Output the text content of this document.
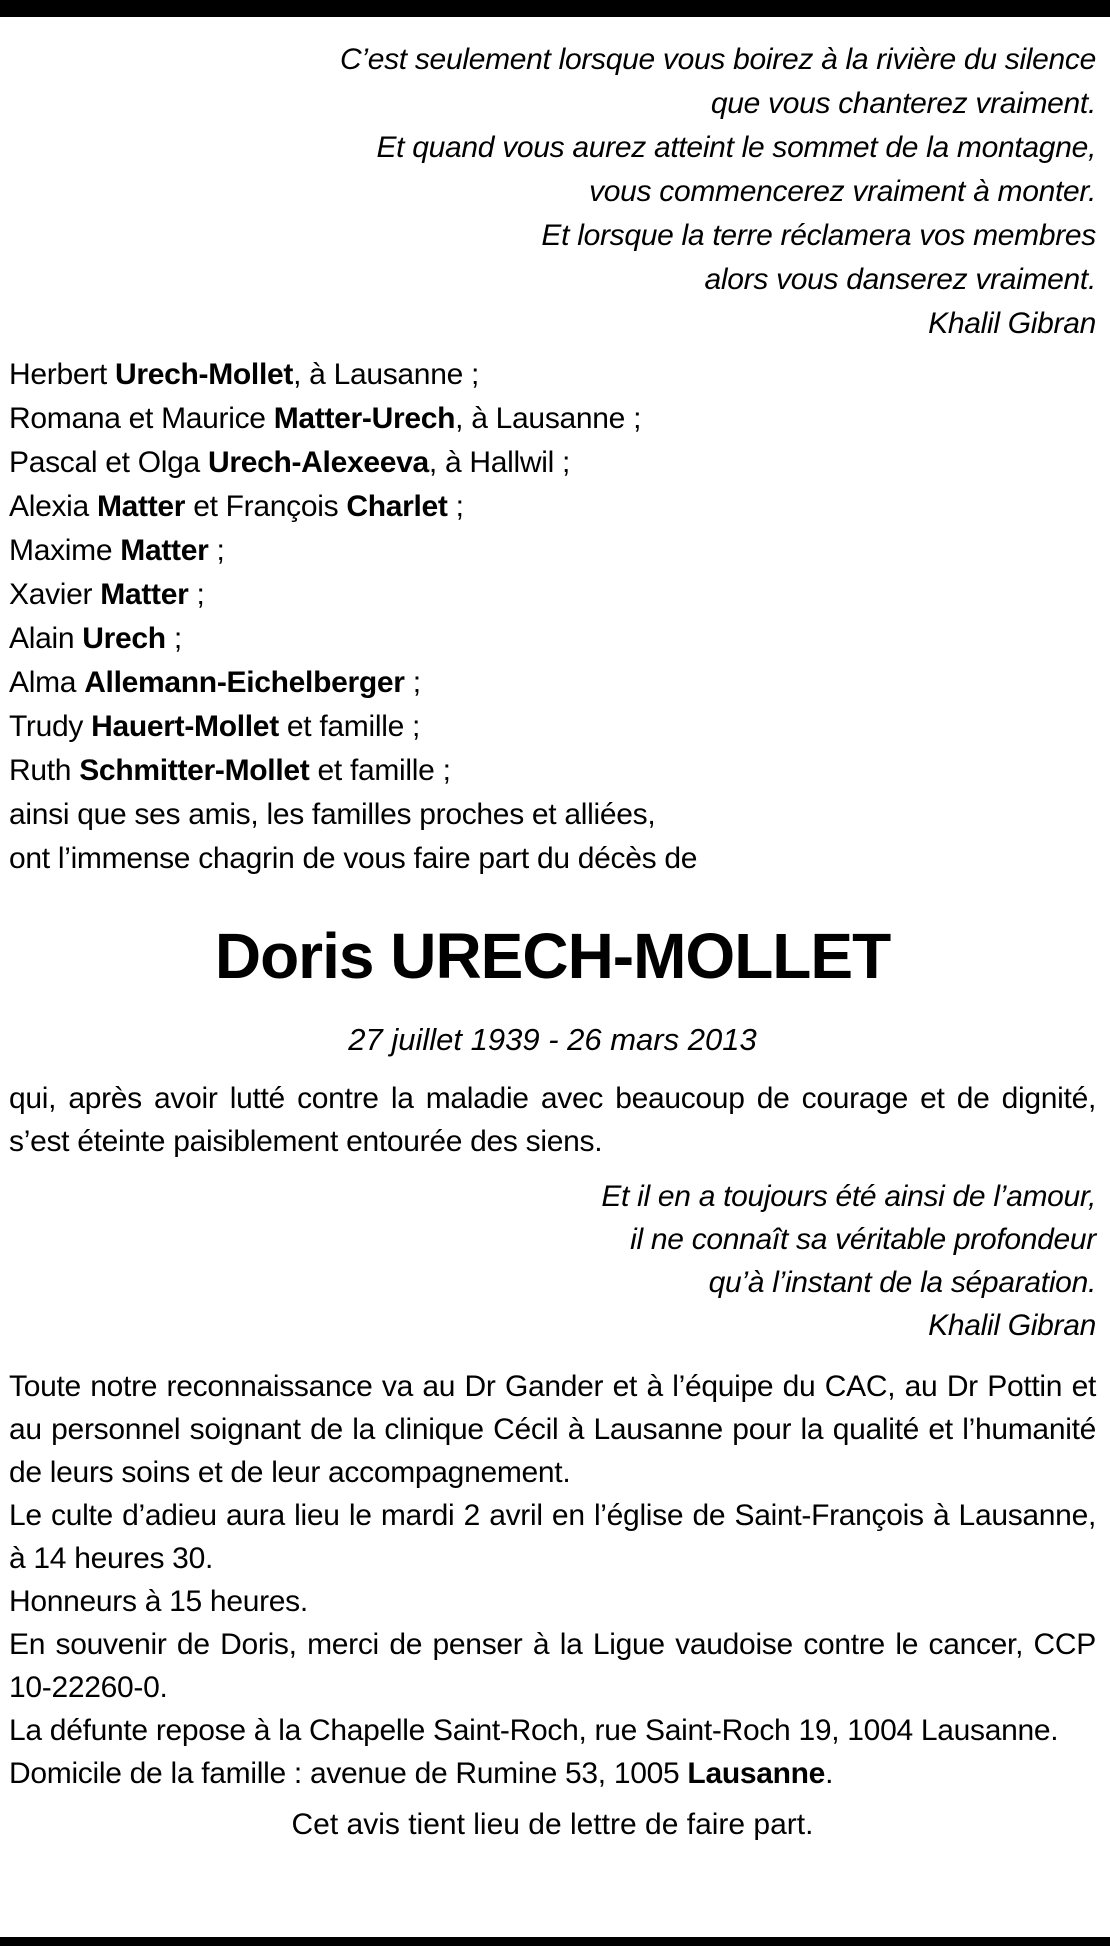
C’est seulement lorsque vous boirez à la rivière du silence
que vous chanterez vraiment.
Et quand vous aurez atteint le sommet de la montagne,
vous commencerez vraiment à monter.
Et lorsque la terre réclamera vos membres
alors vous danserez vraiment.
Khalil Gibran
Herbert Urech-Mollet, à Lausanne ;
Romana et Maurice Matter-Urech, à Lausanne ;
Pascal et Olga Urech-Alexeeva, à Hallwil ;
Alexia Matter et François Charlet ;
Maxime Matter ;
Xavier Matter ;
Alain Urech ;
Alma Allemann-Eichelberger ;
Trudy Hauert-Mollet et famille ;
Ruth Schmitter-Mollet et famille ;
ainsi que ses amis, les familles proches et alliées,
ont l’immense chagrin de vous faire part du décès de
Doris URECH-MOLLET
27 juillet 1939 - 26 mars 2013

qui, après avoir lutté contre la maladie avec beaucoup de courage et de dignité, s’est éteinte paisiblement entourée des siens.

Et il en a toujours été ainsi de l’amour,
il ne connaît sa véritable profondeur
qu’à l’instant de la séparation.
Khalil Gibran

Toute notre reconnaissance va au Dr Gander et à l’équipe du CAC, au Dr Pottin et au personnel soignant de la clinique Cécil à Lausanne pour la qualité et l’humanité de leurs soins et de leur accompagnement.

Le culte d’adieu aura lieu le mardi 2 avril en l’église de Saint-François à Lausanne, à 14 heures 30.

Honneurs à 15 heures.

En souvenir de Doris, merci de penser à la Ligue vaudoise contre le cancer, CCP 10-22260-0.

La défunte repose à la Chapelle Saint-Roch, rue Saint-Roch 19, 1004 Lausanne.

Domicile de la famille : avenue de Rumine 53, 1005 Lausanne.

Cet avis tient lieu de lettre de faire part.
